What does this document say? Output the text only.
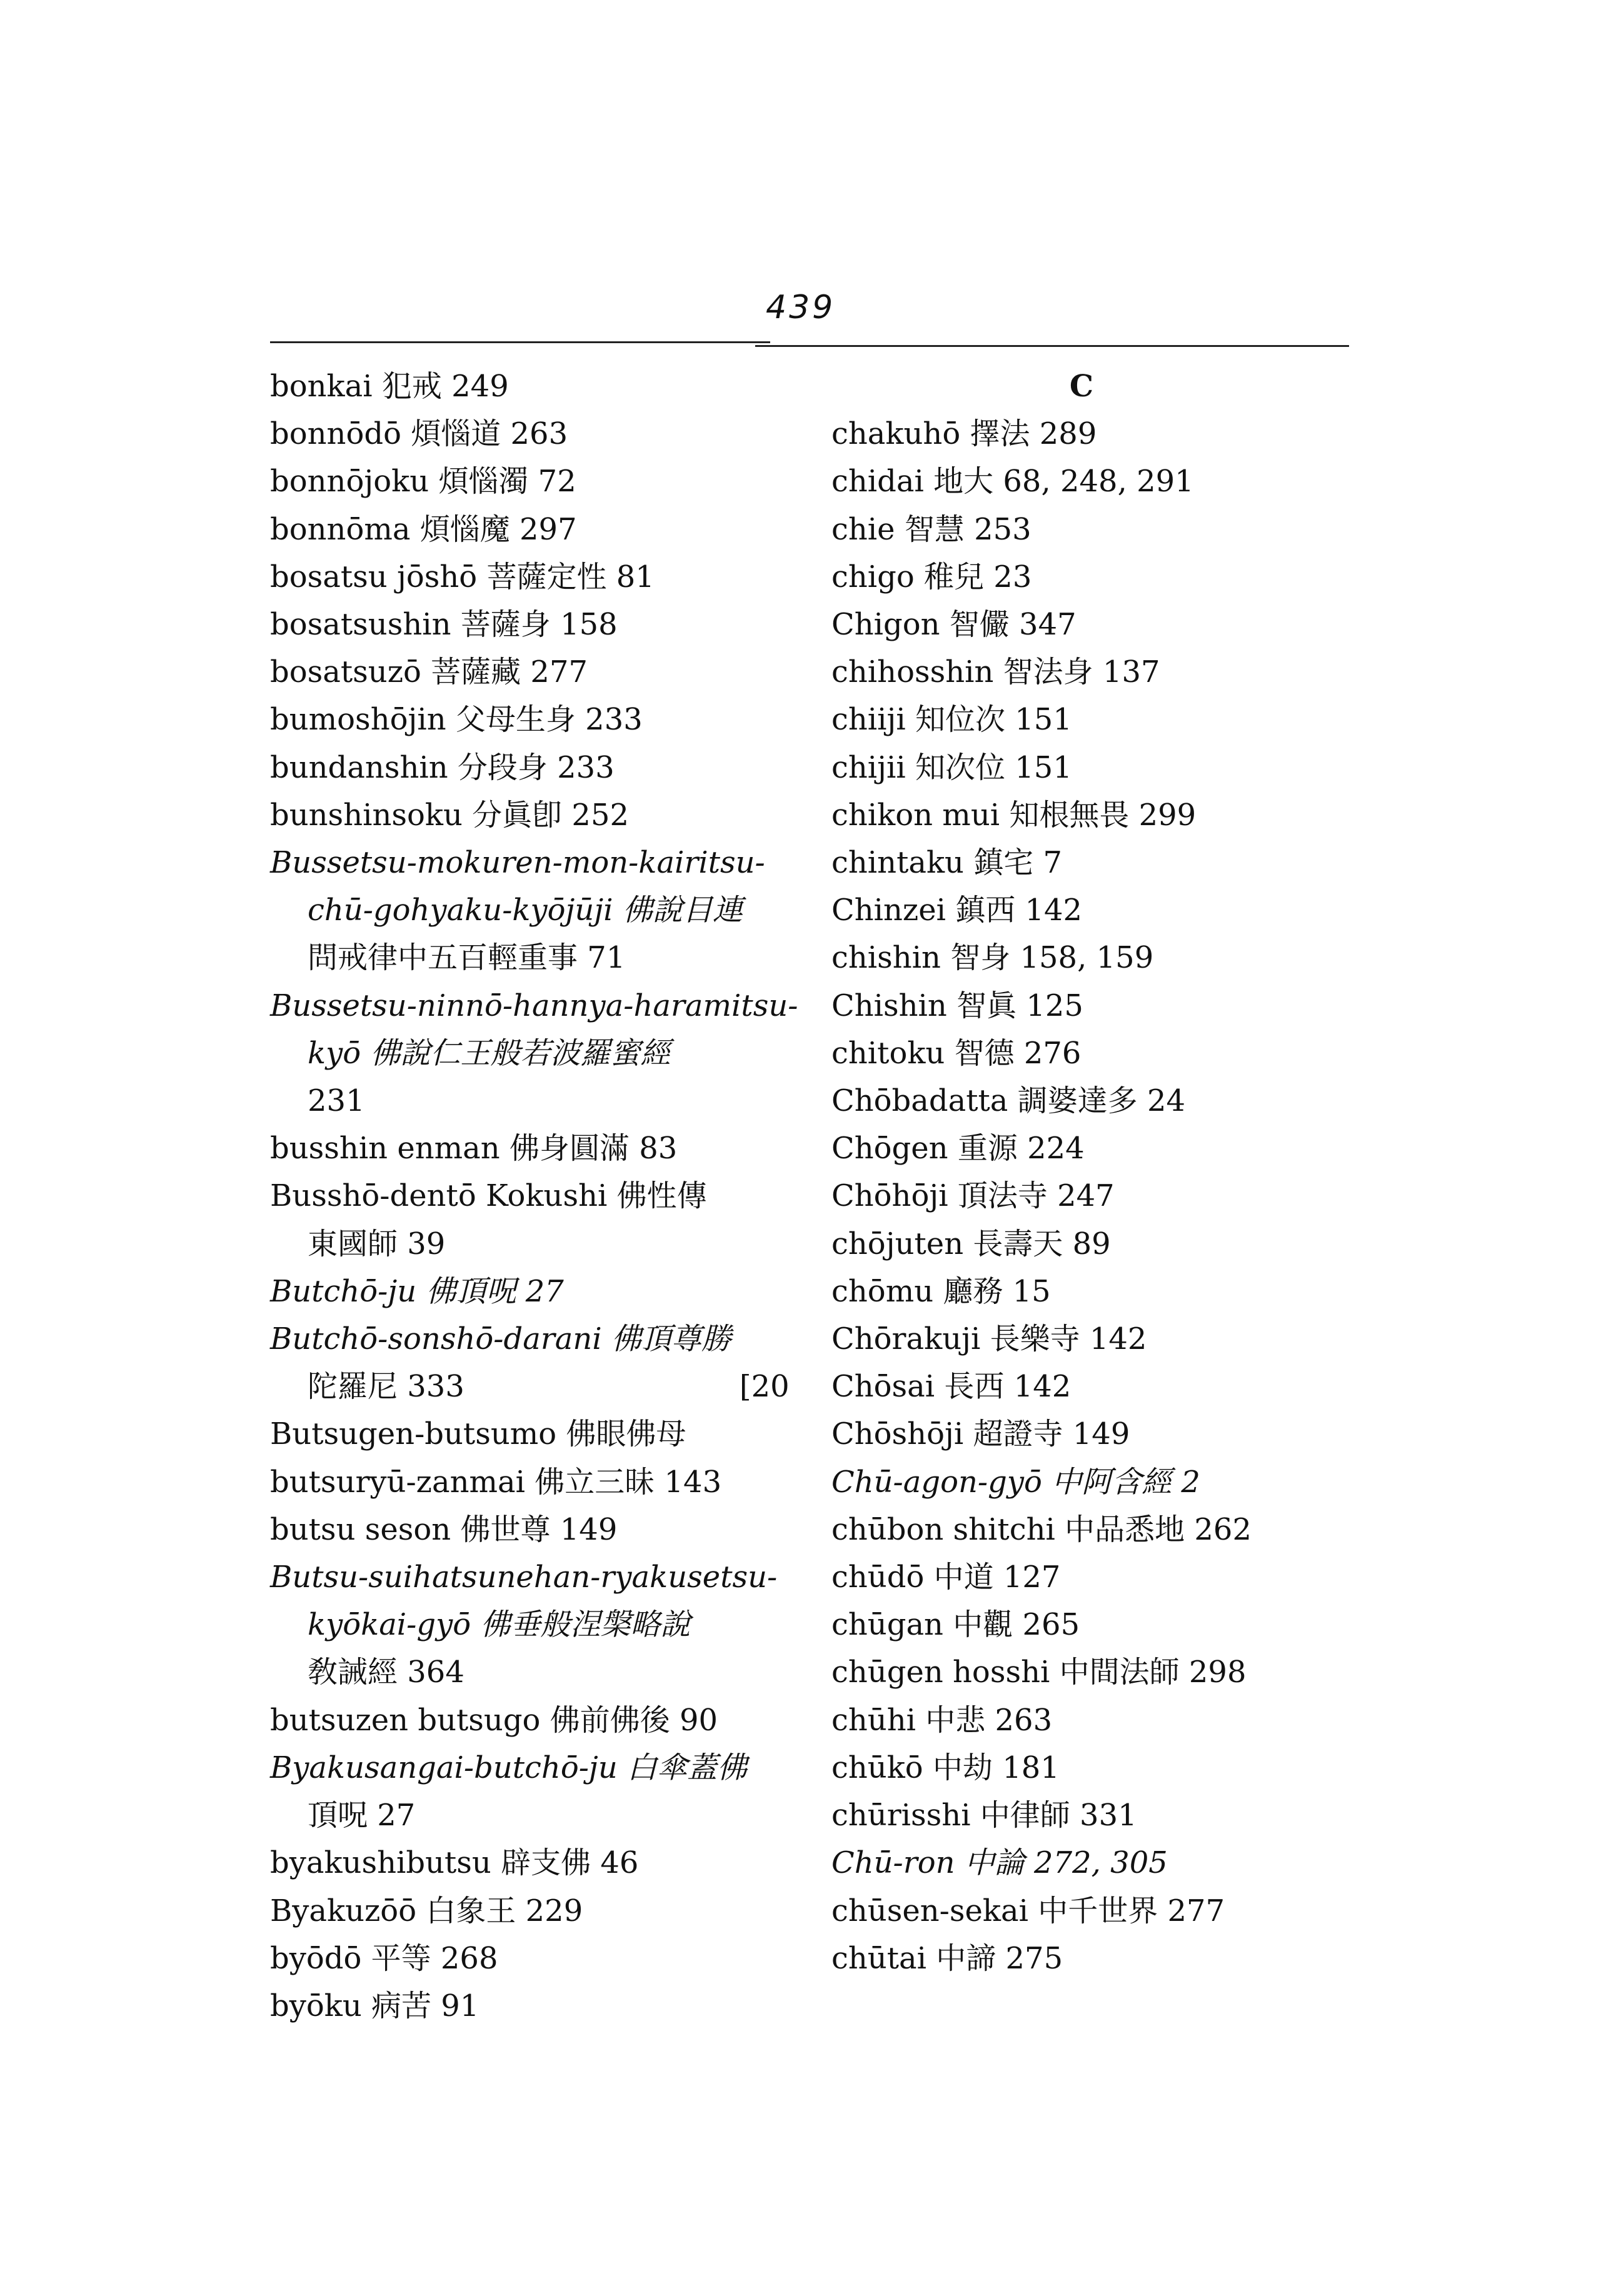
439
bonkai 犯戒 249
bonnōdō 煩惱道 263
bonnōjoku 煩惱濁 72
bonnōma 煩惱魔 297
bosatsu jōshō 菩薩定性 81
bosatsushin 菩薩身 158
bosatsuzō 菩薩藏 277
bumoshōjin 父母生身 233
bundanshin 分段身 233
bunshinsoku 分眞卽 252
Bussetsu-mokuren-mon-kairitsu-
chū-gohyaku-kyōjūji 佛說目連
問戒律中五百輕重事 71
Bussetsu-ninnō-hannya-haramitsu-
kyō 佛說仁王般若波羅蜜經
231
busshin enman 佛身圓滿 83
Busshō-dentō Kokushi 佛性傳
東國師 39
Butchō-ju 佛頂呪 27
Butchō-sonshō-darani 佛頂尊勝
陀羅尼 333	[20
Butsugen-butsumo 佛眼佛母
butsuryū-zanmai 佛立三昧 143
butsu seson 佛世尊 149
Butsu-suihatsunehan-ryakusetsu-
kyōkai-gyō 佛垂般涅槃略說
敎誡經 364
butsuzen butsugo 佛前佛後 90
Byakusangai-butchō-ju 白傘蓋佛
頂呪 27
byakushibutsu 辟支佛 46
Byakuzōō 白象王 229
byōdō 平等 268
byōku 病苦 91
C
chakuhō 擇法 289
chidai 地大 68, 248, 291
chie 智慧 253
chigo 稚兒 23
Chigon 智儼 347
chihosshin 智法身 137
chiiji 知位次 151
chijii 知次位 151
chikon mui 知根無畏 299
chintaku 鎮宅 7
Chinzei 鎮西 142
chishin 智身 158, 159
Chishin 智眞 125
chitoku 智德 276
Chōbadatta 調婆達多 24
Chōgen 重源 224
Chōhōji 頂法寺 247
chōjuten 長壽天 89
chōmu 廳務 15
Chōrakuji 長樂寺 142
Chōsai 長西 142
Chōshōji 超證寺 149
Chū-agon-gyō 中阿含經 2
chūbon shitchi 中品悉地 262
chūdō 中道 127
chūgan 中觀 265
chūgen hosshi 中間法師 298
chūhi 中悲 263
chūkō 中劫 181
chūrisshi 中律師 331
Chū-ron 中論 272, 305
chūsen-sekai 中千世界 277
chūtai 中諦 275
